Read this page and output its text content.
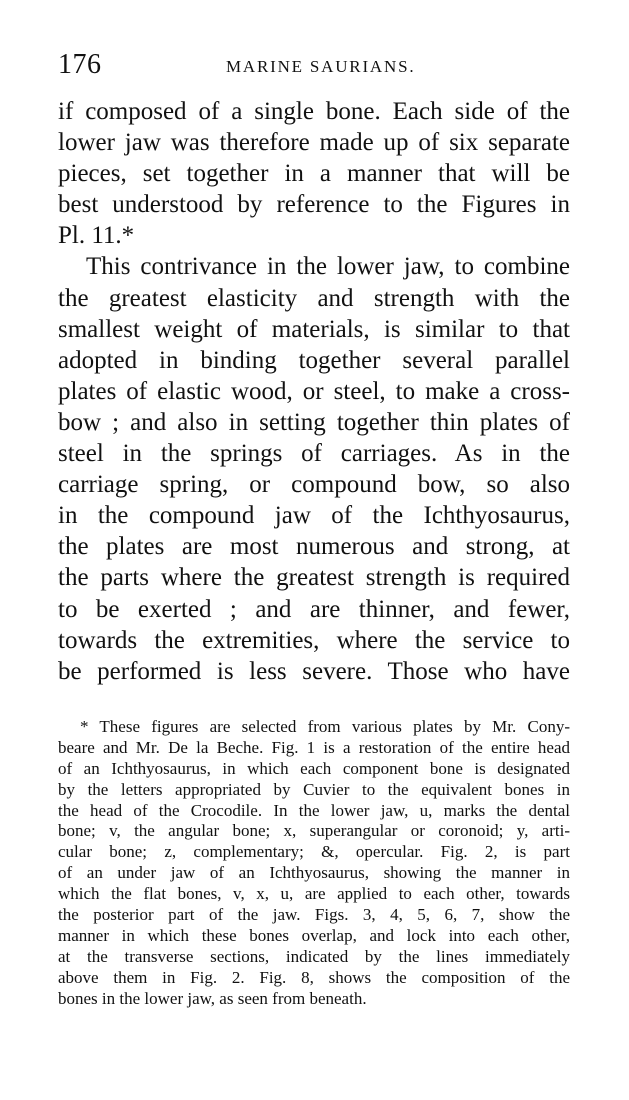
176	MARINE SAURIANS.
if composed of a single bone. Each side of the
lower jaw was therefore made up of six separate
pieces, set together in a manner that will be
best understood by reference to the Figures in
Pl. 11.*
This contrivance in the lower jaw, to combine
the greatest elasticity and strength with the
smallest weight of materials, is similar to that
adopted in binding together several parallel
plates of elastic wood, or steel, to make a cross-
bow ; and also in setting together thin plates of
steel in the springs of carriages. As in the
carriage spring, or compound bow, so also
in the compound jaw of the Ichthyosaurus,
the plates are most numerous and strong, at
the parts where the greatest strength is required
to be exerted ; and are thinner, and fewer,
towards the extremities, where the service to
be performed is less severe. Those who have
* These figures are selected from various plates by Mr. Cony-
beare and Mr. De la Beche. Fig. 1 is a restoration of the entire head
of an Ichthyosaurus, in which each component bone is designated
by the letters appropriated by Cuvier to the equivalent bones in
the head of the Crocodile. In the lower jaw, u, marks the dental
bone; v, the angular bone; x, superangular or coronoid; y, arti-
cular bone; z, complementary; &, opercular. Fig. 2, is part
of an under jaw of an Ichthyosaurus, showing the manner in
which the flat bones, v, x, u, are applied to each other, towards
the posterior part of the jaw. Figs. 3, 4, 5, 6, 7, show the
manner in which these bones overlap, and lock into each other,
at the transverse sections, indicated by the lines immediately
above them in Fig. 2. Fig. 8, shows the composition of the
bones in the lower jaw, as seen from beneath.
